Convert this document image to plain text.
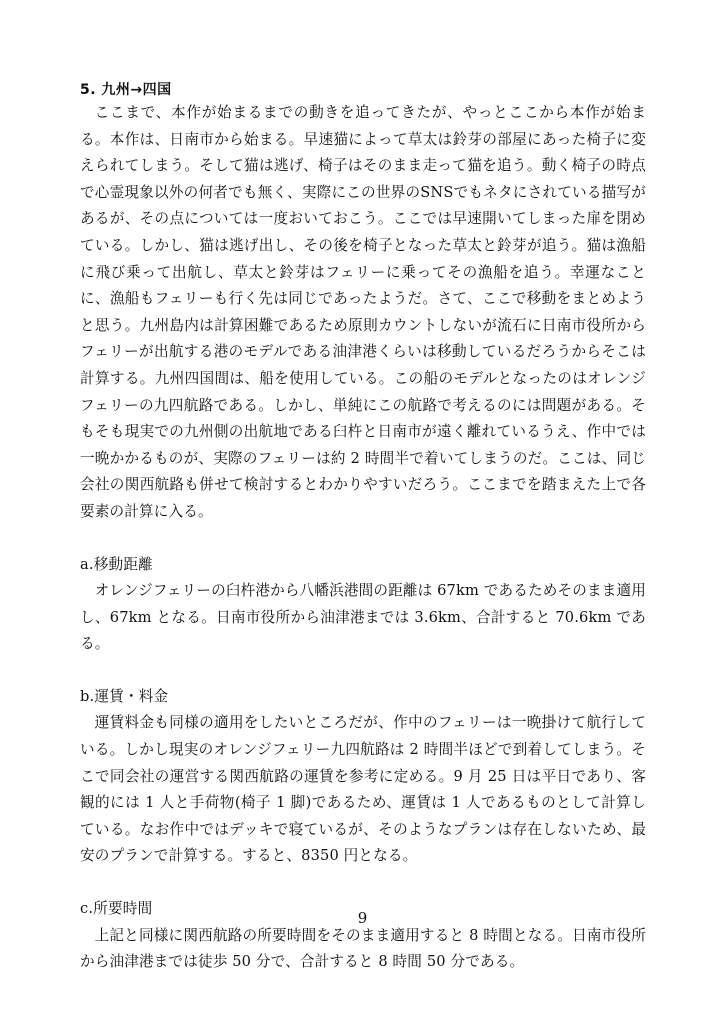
5. 九州→四国

ここまで、本作が始まるまでの動きを追ってきたが、やっとここから本作が始まる。本作は、日南市から始まる。早速猫によって草太は鈴芽の部屋にあった椅子に変えられてしまう。そして猫は逃げ、椅子はそのまま走って猫を追う。動く椅子の時点で心霊現象以外の何者でも無く、実際にこの世界のSNSでもネタにされている描写があるが、その点については一度おいておこう。ここでは早速開いてしまった扉を閉めている。しかし、猫は逃げ出し、その後を椅子となった草太と鈴芽が追う。猫は漁船に飛び乗って出航し、草太と鈴芽はフェリーに乗ってその漁船を追う。幸運なことに、漁船もフェリーも行く先は同じであったようだ。さて、ここで移動をまとめようと思う。九州島内は計算困難であるため原則カウントしないが流石に日南市役所からフェリーが出航する港のモデルである油津港くらいは移動しているだろうからそこは計算する。九州四国間は、船を使用している。この船のモデルとなったのはオレンジフェリーの九四航路である。しかし、単純にこの航路で考えるのには問題がある。そもそも現実での九州側の出航地である臼杵と日南市が遠く離れているうえ、作中では一晩かかるものが、実際のフェリーは約 2 時間半で着いてしまうのだ。ここは、同じ会社の関西航路も併せて検討するとわかりやすいだろう。ここまでを踏まえた上で各要素の計算に入る。

a.移動距離

オレンジフェリーの臼杵港から八幡浜港間の距離は 67km であるためそのまま適用し、67km となる。日南市役所から油津港までは 3.6km、合計すると 70.6km である。

b.運賃・料金

運賃料金も同様の適用をしたいところだが、作中のフェリーは一晩掛けて航行している。しかし現実のオレンジフェリー九四航路は 2 時間半ほどで到着してしまう。そこで同会社の運営する関西航路の運賃を参考に定める。9 月 25 日は平日であり、客観的には 1 人と手荷物(椅子 1 脚)であるため、運賃は 1 人であるものとして計算している。なお作中ではデッキで寝ているが、そのようなプランは存在しないため、最安のプランで計算する。すると、8350 円となる。

c.所要時間

上記と同様に関西航路の所要時間をそのまま適用すると 8 時間となる。日南市役所から油津港までは徒歩 50 分で、合計すると 8 時間 50 分である。

9
